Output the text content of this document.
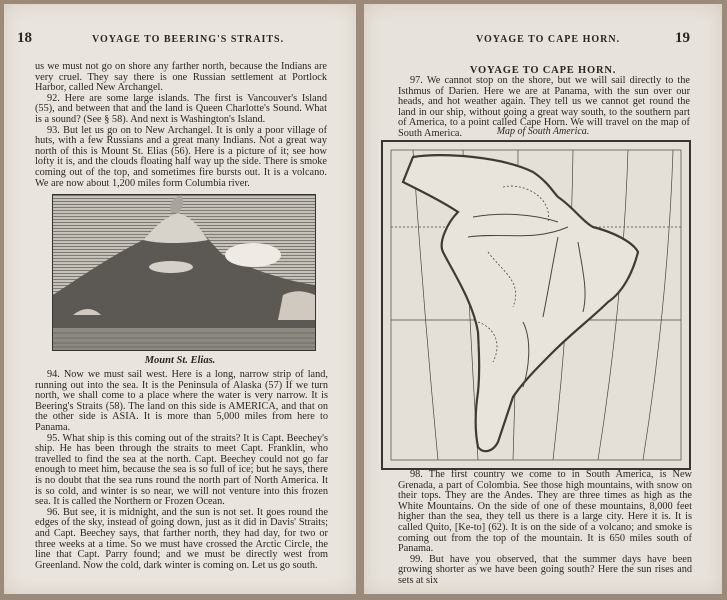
18	VOYAGE TO BEERING'S STRAITS.

us we must not go on shore any farther north, because the Indians are very cruel. They say there is one Russian settlement at Portlock Harbor, called New Archangel.

92. Here are some large islands. The first is Vancouver's Island (55), and between that and the land is Queen Charlotte's Sound. What is a sound? (See § 58). And next is Washington's Island.

93. But let us go on to New Archangel. It is only a poor village of huts, with a few Russians and a great many Indians. Not a great way north of this is Mount St. Elias (56). Here is a picture of it; see how lofty it is, and the clouds floating half way up the side. There is smoke coming out of the top, and sometimes fire bursts out. It is a volcano. We are now about 1,200 miles form Columbia river.

Mount St. Elias.

94. Now we must sail west. Here is a long, narrow strip of land, running out into the sea. It is the Peninsula of Alaska (57) If we turn north, we shall come to a place where the water is very narrow. It is Beering's Straits (58). The land on this side is AMERICA, and that on the other side is ASIA. It is more than 5,000 miles from here to Panama.

95. What ship is this coming out of the straits? It is Capt. Beechey's ship. He has been through the straits to meet Capt. Franklin, who travelled to find the sea at the north. Capt. Beechey could not go far enough to meet him, because the sea is so full of ice; but he says, there is no doubt that the sea runs round the north part of North America. It is so cold, and winter is so near, we will not venture into this frozen sea. It is called the Northern or Frozen Ocean.

96. But see, it is midnight, and the sun is not set. It goes round the edges of the sky, instead of going down, just as it did in Davis' Straits; and Capt. Beechey says, that farther north, they had day, for two or three weeks at a time. So we must have crossed the Arctic Circle, the line that Capt. Parry found; and we must be directly west from Greenland. Now the cold, dark winter is coming on. Let us go south.

VOYAGE TO CAPE HORN.	19
VOYAGE TO CAPE HORN.

97. We cannot stop on the shore, but we will sail directly to the Isthmus of Darien. Here we are at Panama, with the sun over our heads, and hot weather again. They tell us we cannot get round the land in our ship, without going a great way south, to the southern part of America, to a point called Cape Horn. We will travel on the map of South America.	Map of South America.

98. The first country we come to in South America, is New Grenada, a part of Colombia. See those high mountains, with snow on their tops. They are the Andes. They are three times as high as the White Mountains. On the side of one of these mountains, 8,000 feet higher than the sea, they tell us there is a large city. Here it is. It is called Quito, [Ke-to] (62). It is on the side of a volcano; and smoke is coming out from the top of the mountain. It is 650 miles south of Panama.

99. But have you observed, that the summer days have been growing shorter as we have been going south? Here the sun rises and sets at six
